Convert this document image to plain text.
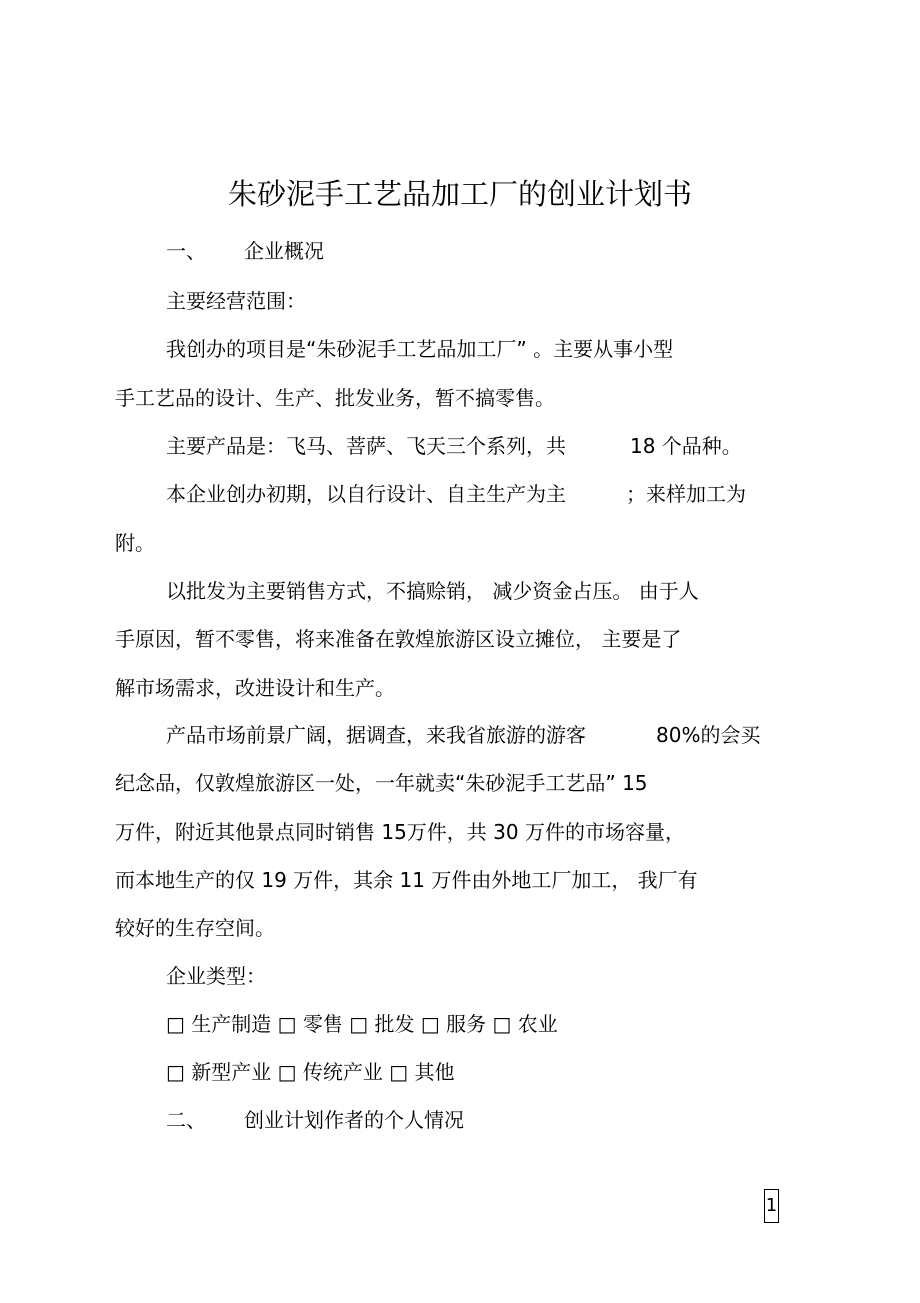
朱砂泥手工艺品加工厂的创业计划书

一、 企业概况

主要经营范围：

我创办的项目是“朱砂泥手工艺品加工厂” 。主要从事小型

手工艺品的设计、生产、批发业务，暂不搞零售。

主要产品是：飞马、菩萨、飞天三个系列，共	18 个品种。

本企业创办初期，以自行设计、自主生产为主	；来样加工为

附。

以批发为主要销售方式，不搞赊销， 减少资金占压。 由于人

手原因，暂不零售，将来准备在敦煌旅游区设立摊位， 主要是了

解市场需求，改进设计和生产。

产品市场前景广阔，据调查，来我省旅游的游客	80%的会买

纪念品，仅敦煌旅游区一处，一年就卖“朱砂泥手工艺品” 15

万件，附近其他景点同时销售 15万件，共 30 万件的市场容量，

而本地生产的仅 19 万件，其余 11 万件由外地工厂加工， 我厂有

较好的生存空间。

企业类型：

□ 生产制造 □ 零售 □ 批发 □ 服务 □ 农业

□ 新型产业 □ 传统产业 □ 其他

二、 创业计划作者的个人情况

1
